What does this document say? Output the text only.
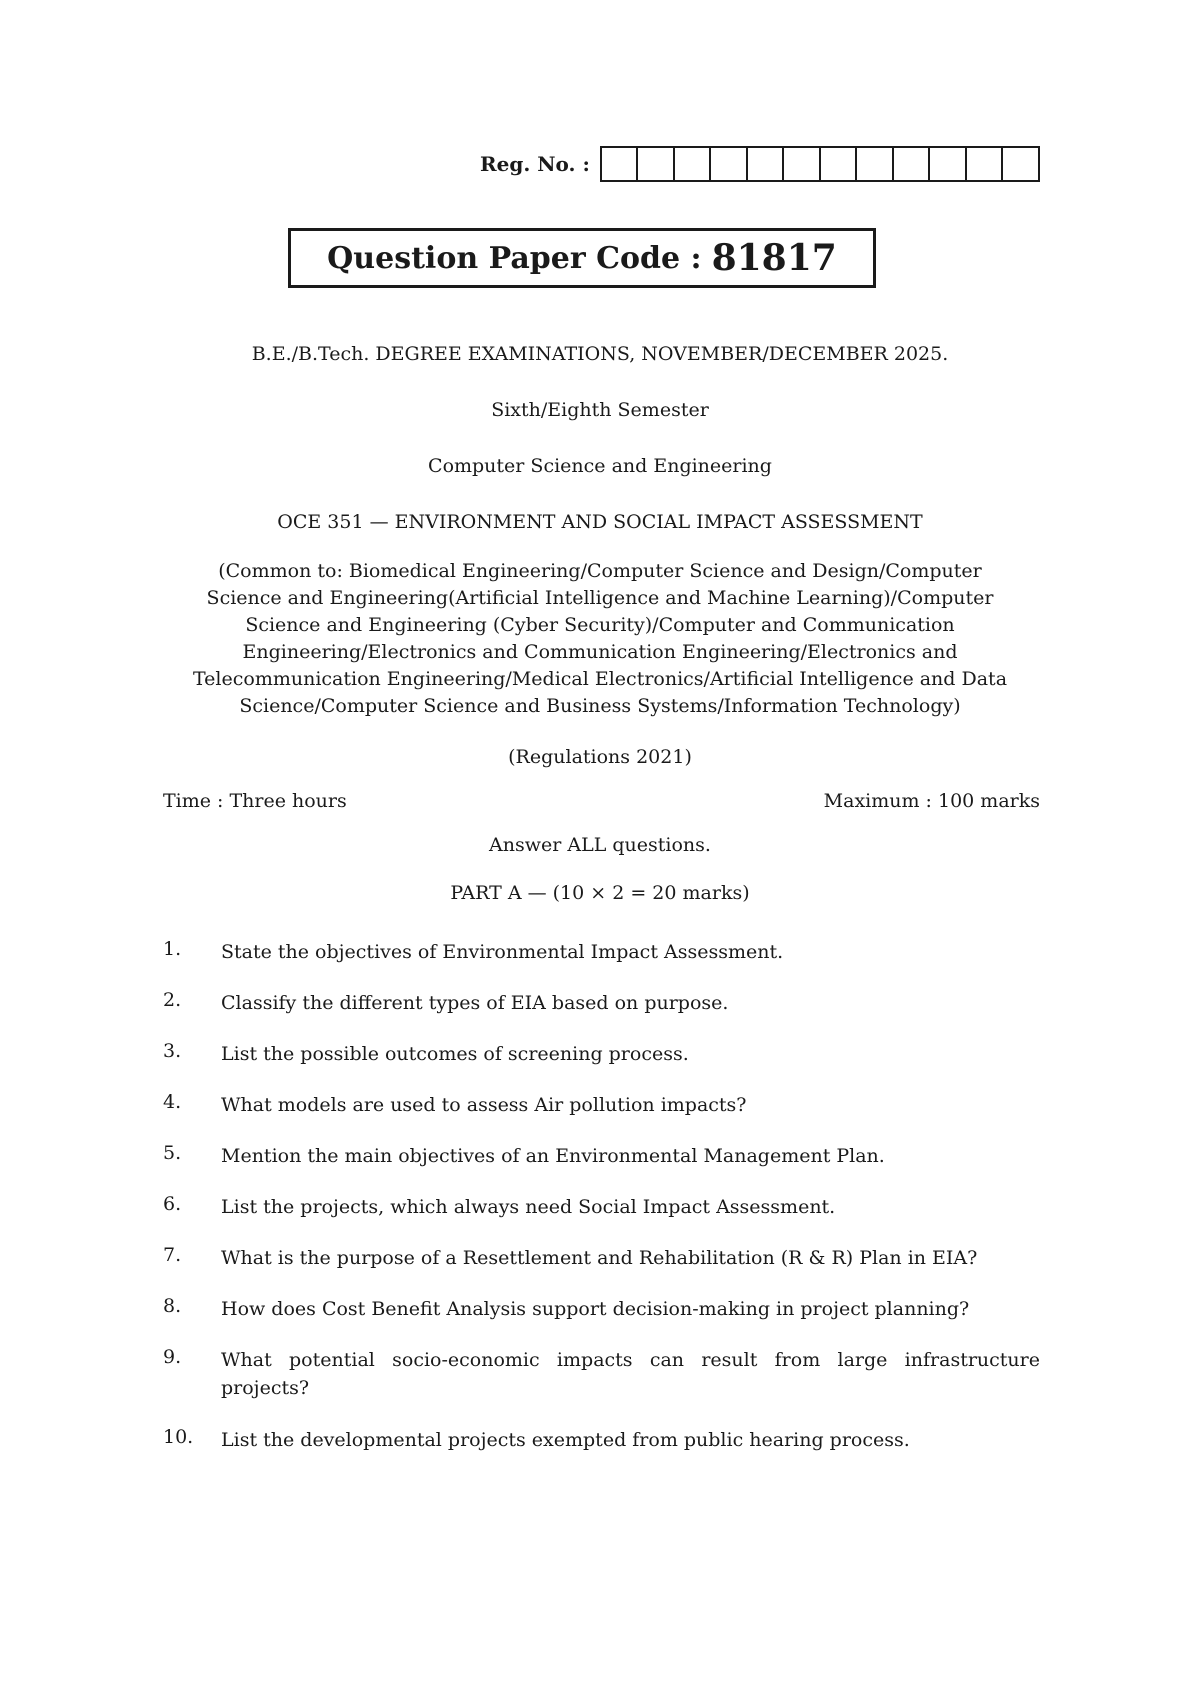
Reg. No. :
Question Paper Code : 81817
B.E./B.Tech. DEGREE EXAMINATIONS, NOVEMBER/DECEMBER 2025.
Sixth/Eighth Semester
Computer Science and Engineering
OCE 351 — ENVIRONMENT AND SOCIAL IMPACT ASSESSMENT
(Common to: Biomedical Engineering/Computer Science and Design/Computer
Science and Engineering(Artificial Intelligence and Machine Learning)/Computer
Science and Engineering (Cyber Security)/Computer and Communication
Engineering/Electronics and Communication Engineering/Electronics and
Telecommunication Engineering/Medical Electronics/Artificial Intelligence and Data
Science/Computer Science and Business Systems/Information Technology)
(Regulations 2021)
Time : Three hours	Maximum : 100 marks
Answer ALL questions.
PART A — (10 × 2 = 20 marks)
1.	State the objectives of Environmental Impact Assessment.
2.	Classify the different types of EIA based on purpose.
3.	List the possible outcomes of screening process.
4.	What models are used to assess Air pollution impacts?
5.	Mention the main objectives of an Environmental Management Plan.
6.	List the projects, which always need Social Impact Assessment.
7.	What is the purpose of a Resettlement and Rehabilitation (R & R) Plan in EIA?
8.	How does Cost Benefit Analysis support decision-making in project planning?
9.	What potential socio-economic impacts can result from large infrastructure projects?
10.	List the developmental projects exempted from public hearing process.
